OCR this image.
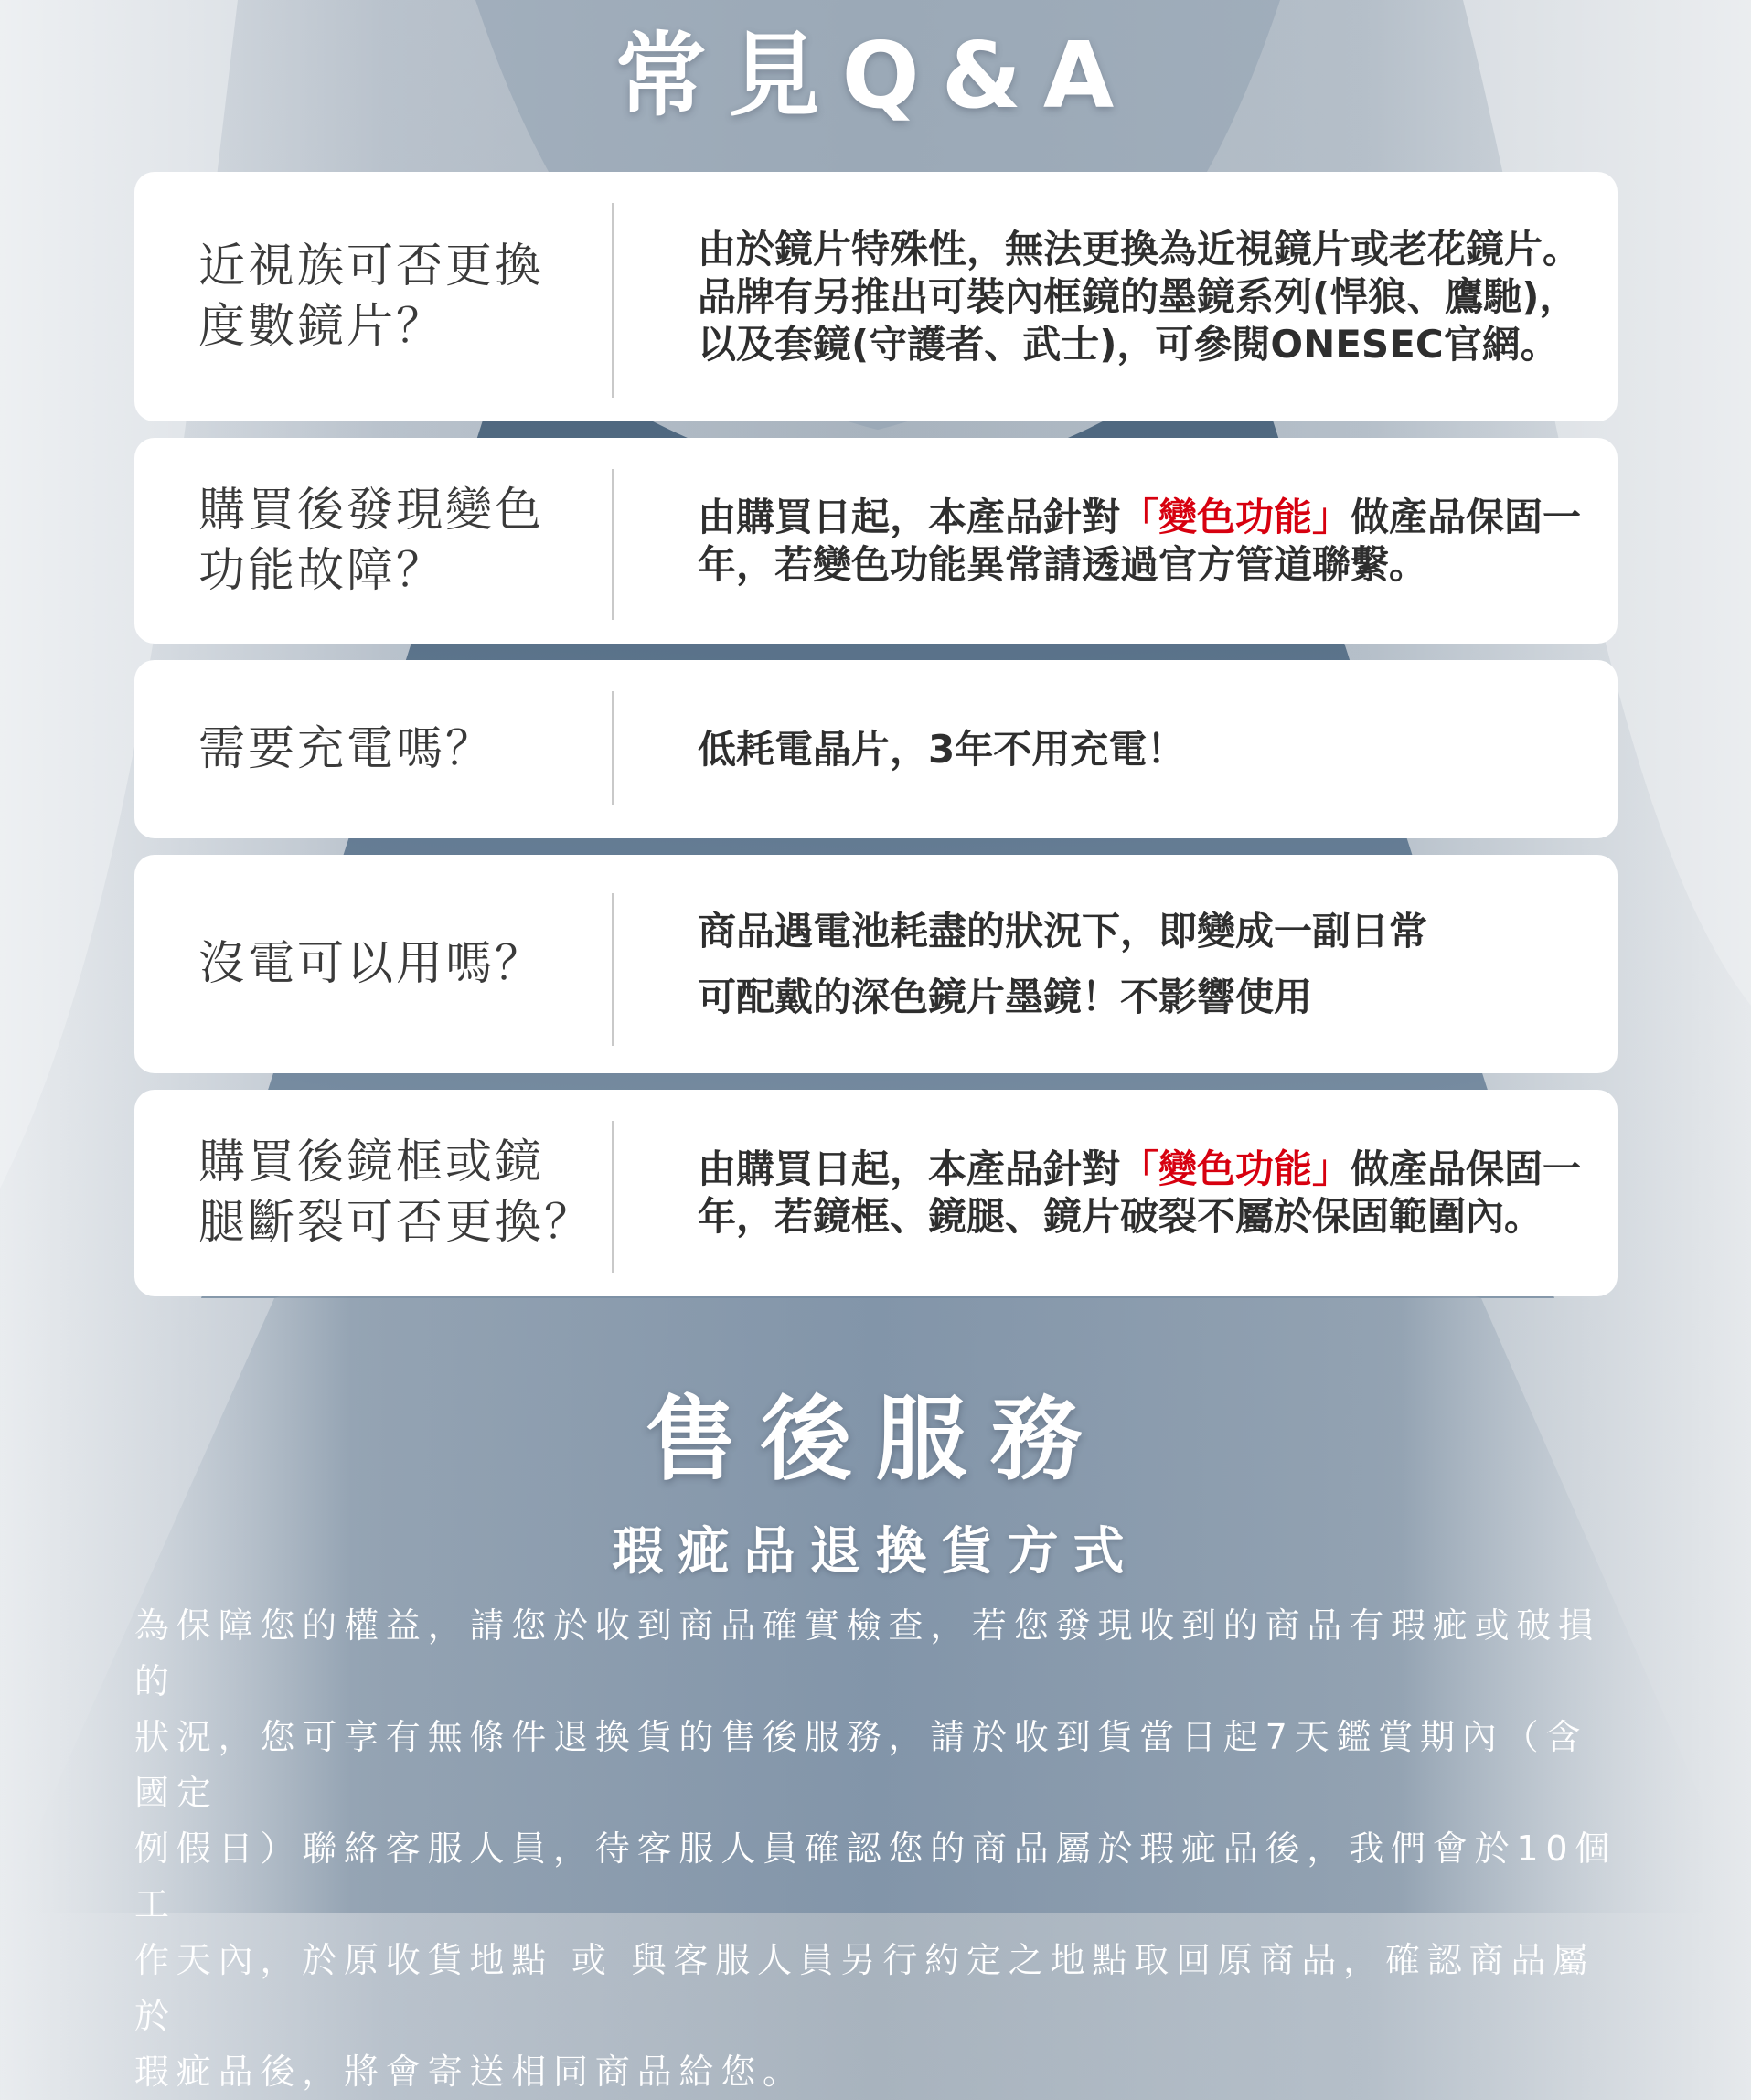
常見Q&A
近視族可否更換
度數鏡片？
由於鏡片特殊性，無法更換為近視鏡片或老花鏡片。
品牌有另推出可裝內框鏡的墨鏡系列(悍狼、鷹馳)，
以及套鏡(守護者、武士)，可參閱ONESEC官網。
購買後發現變色
功能故障？
由購買日起，本產品針對「變色功能」做產品保固一
年，若變色功能異常請透過官方管道聯繫。
需要充電嗎？	低耗電晶片，3年不用充電！
沒電可以用嗎？
商品遇電池耗盡的狀況下，即變成一副日常
可配戴的深色鏡片墨鏡！不影響使用
購買後鏡框或鏡
腿斷裂可否更換？
由購買日起，本產品針對「變色功能」做產品保固一
年，若鏡框、鏡腿、鏡片破裂不屬於保固範圍內。
售後服務
瑕疵品退換貨方式
為保障您的權益，請您於收到商品確實檢查，若您發現收到的商品有瑕疵或破損的
狀況，您可享有無條件退換貨的售後服務，請於收到貨當日起7天鑑賞期內（含國定
例假日）聯絡客服人員，待客服人員確認您的商品屬於瑕疵品後，我們會於10個工
作天內，於原收貨地點 或 與客服人員另行約定之地點取回原商品，確認商品屬於
瑕疵品後，將會寄送相同商品給您。
